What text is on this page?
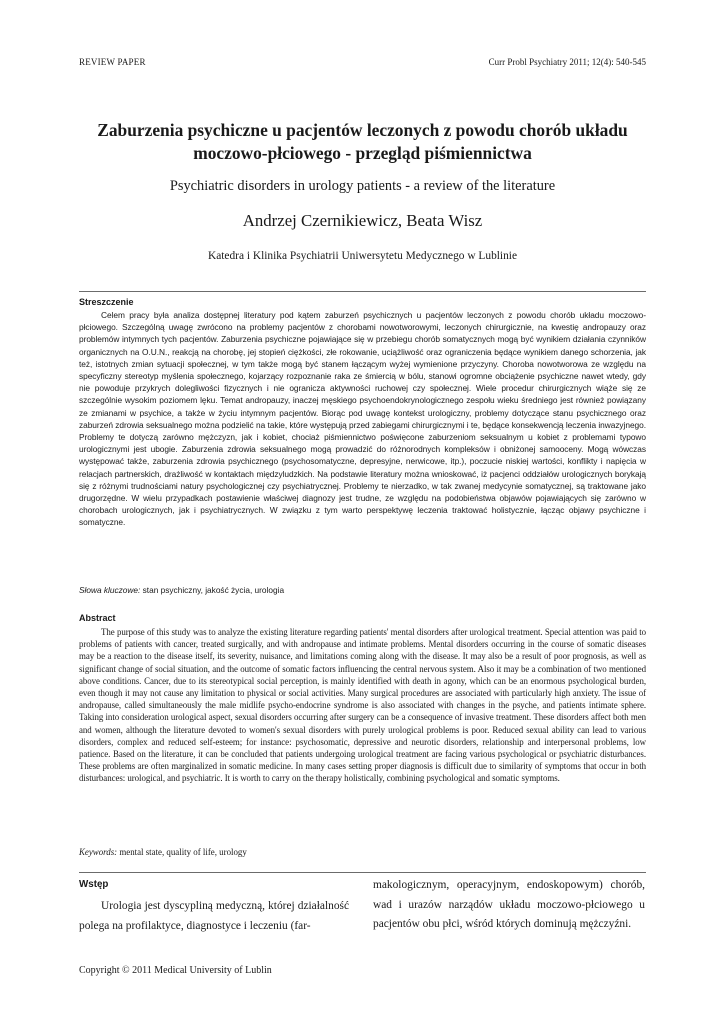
REVIEW PAPER	Curr Probl Psychiatry 2011; 12(4): 540-545
Zaburzenia psychiczne u pacjentów leczonych z powodu chorób układu moczowo-płciowego - przegląd piśmiennictwa
Psychiatric disorders in urology patients - a review of the literature
Andrzej Czernikiewicz, Beata Wisz
Katedra i Klinika Psychiatrii Uniwersytetu Medycznego w Lublinie
Streszczenie
Celem pracy była analiza dostępnej literatury pod kątem zaburzeń psychicznych u pacjentów leczonych z powodu chorób układu moczowo-płciowego. Szczególną uwagę zwrócono na problemy pacjentów z chorobami nowotworowymi, leczonych chirurgicznie, na kwestię andropauzy oraz problemów intymnych tych pacjentów. Zaburzenia psychiczne pojawiające się w przebiegu chorób somatycznych mogą być wynikiem działania czynników organicznych na O.U.N., reakcją na chorobę, jej stopień ciężkości, złe rokowanie, uciążliwość oraz ograniczenia będące wynikiem danego schorzenia, jak też, istotnych zmian sytuacji społecznej, w tym także mogą być stanem łączącym wyżej wymienione przyczyny. Choroba nowotworowa ze względu na specyficzny stereotyp myślenia społecznego, kojarzący rozpoznanie raka ze śmiercią w bólu, stanowi ogromne obciążenie psychiczne nawet wtedy, gdy nie powoduje przykrych dolegliwości fizycznych i nie ogranicza aktywności ruchowej czy społecznej. Wiele procedur chirurgicznych wiąże się ze szczególnie wysokim poziomem lęku. Temat andropauzy, inaczej męskiego psychoendokrynologicznego zespołu wieku średniego jest również powiązany ze zmianami w psychice, a także w życiu intymnym pacjentów. Biorąc pod uwagę kontekst urologiczny, problemy dotyczące stanu psychicznego oraz zaburzeń zdrowia seksualnego można podzielić na takie, które występują przed zabiegami chirurgicznymi i te, będące konsekwencją leczenia inwazyjnego. Problemy te dotyczą zarówno mężczyzn, jak i kobiet, chociaż piśmiennictwo poświęcone zaburzeniom seksualnym u kobiet z problemami typowo urologicznymi jest ubogie. Zaburzenia zdrowia seksualnego mogą prowadzić do różnorodnych kompleksów i obniżonej samooceny. Mogą wówczas występować także, zaburzenia zdrowia psychicznego (psychosomatyczne, depresyjne, nerwicowe, itp.), poczucie niskiej wartości, konflikty i napięcia w relacjach partnerskich, drażliwość w kontaktach międzyludzkich. Na podstawie literatury można wnioskować, iż pacjenci oddziałów urologicznych borykają się z różnymi trudnościami natury psychologicznej czy psychiatrycznej. Problemy te nierzadko, w tak zwanej medycynie somatycznej, są traktowane jako drugorzędne. W wielu przypadkach postawienie właściwej diagnozy jest trudne, ze względu na podobieństwa objawów pojawiających się zarówno w chorobach urologicznych, jak i psychiatrycznych. W związku z tym warto perspektywę leczenia traktować holistycznie, łącząc objawy psychiczne i somatyczne.
Słowa kluczowe: stan psychiczny, jakość życia, urologia
Abstract
The purpose of this study was to analyze the existing literature regarding patients' mental disorders after urological treatment. Special attention was paid to problems of patients with cancer, treated surgically, and with andropause and intimate problems. Mental disorders occurring in the course of somatic diseases may be a reaction to the disease itself, its severity, nuisance, and limitations coming along with the disease. It may also be a result of poor prognosis, as well as significant change of social situation, and the outcome of somatic factors influencing the central nervous system. Also it may be a combination of two mentioned above conditions. Cancer, due to its stereotypical social perception, is mainly identified with death in agony, which can be an enormous psychological burden, even though it may not cause any limitation to physical or social activities. Many surgical procedures are associated with particularly high anxiety. The issue of andropause, called simultaneously the male midlife psycho-endocrine syndrome is also associated with changes in the psyche, and patients intimate sphere. Taking into consideration urological aspect, sexual disorders occurring after surgery can be a consequence of invasive treatment. These disorders affect both men and women, although the literature devoted to women's sexual disorders with purely urological problems is poor. Reduced sexual ability can lead to various disorders, complex and reduced self-esteem; for instance: psychosomatic, depressive and neurotic disorders, relationship and interpersonal problems, low patience. Based on the literature, it can be concluded that patients undergoing urological treatment are facing various psychological or psychiatric disturbances. These problems are often marginalized in somatic medicine. In many cases setting proper diagnosis is difficult due to similarity of symptoms that occur in both disturbances: urological, and psychiatric. It is worth to carry on the therapy holistically, combining psychological and somatic symptoms.
Keywords: mental state, quality of life, urology
Wstęp

Urologia jest dyscypliną medyczną, której działalność polega na profilaktyce, diagnostyce i leczeniu (far-

makologicznym, operacyjnym, endoskopowym) chorób, wad i urazów narządów układu moczowo-płciowego u pacjentów obu płci, wśród których dominują mężczyźni.

Copyright © 2011 Medical University of Lublin
